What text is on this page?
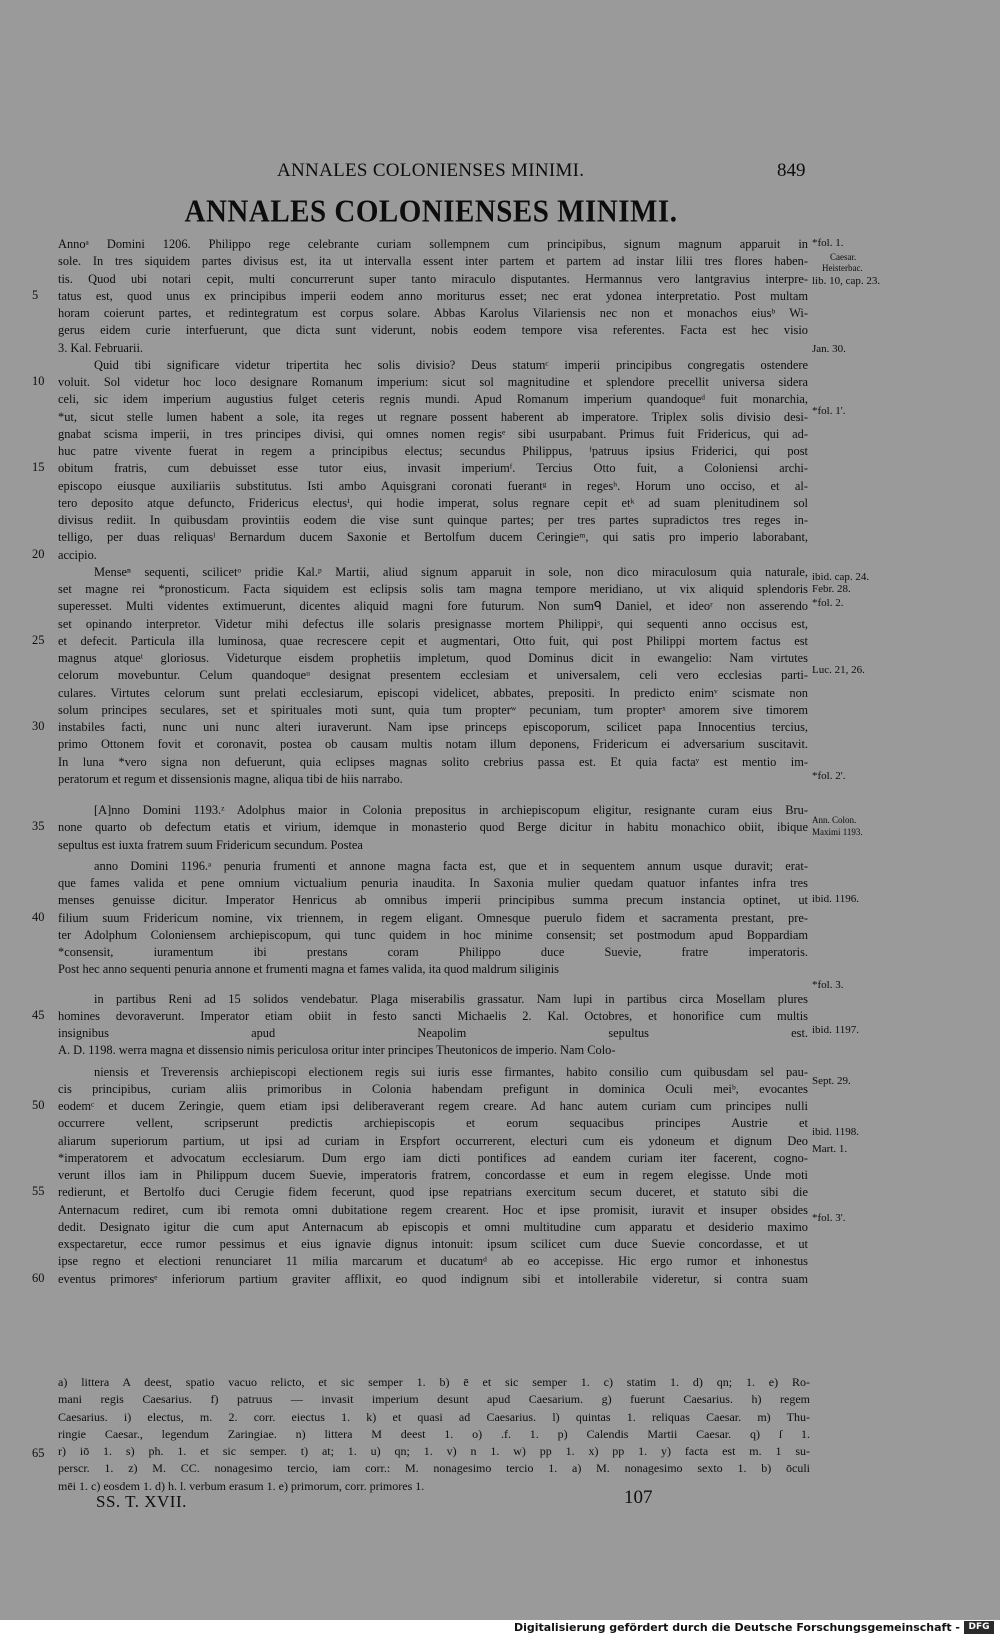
ANNALES COLONIENSES MINIMI.	849
ANNALES COLONIENSES MINIMI.
Annoᵃ Domini 1206. Philippo rege celebrante curiam sollempnem cum principibus, signum magnum apparuit in
sole. In tres siquidem partes divisus est, ita ut intervalla essent inter partem et partem ad instar lilii tres flores haben-
tis. Quod ubi notari cepit, multi concurrerunt super tanto miraculo disputantes. Hermannus vero lantgravius interpre-
tatus est, quod unus ex principibus imperii eodem anno moriturus esset; nec erat ydonea interpretatio. Post multam
horam coierunt partes, et redintegratum est corpus solare. Abbas Karolus Vilariensis nec non et monachos eiusᵇ Wi-
gerus eidem curie interfuerunt, que dicta sunt viderunt, nobis eodem tempore visa referentes. Facta est hec visio
3. Kal. Februarii.
Quid tibi significare videtur tripertita hec solis divisio? Deus statumᶜ imperii principibus congregatis ostendere
voluit. Sol videtur hoc loco designare Romanum imperium: sicut sol magnitudine et splendore precellit universa sidera
celi, sic idem imperium augustius fulget ceteris regnis mundi. Apud Romanum imperium quandoqueᵈ fuit monarchia,
*ut, sicut stelle lumen habent a sole, ita reges ut regnare possent haberent ab imperatore. Triplex solis divisio desi-
gnabat scisma imperii, in tres principes divisi, qui omnes nomen regisᵉ sibi usurpabant. Primus fuit Fridericus, qui ad-
huc patre vivente fuerat in regem a principibus electus; secundus Philippus, ᶠpatruus ipsius Friderici, qui post
obitum fratris, cum debuisset esse tutor eius, invasit imperiumᶠ. Tercius Otto fuit, a Coloniensi archi-
episcopo eiusque auxiliariis substitutus. Isti ambo Aquisgrani coronati fuerantᵍ in regesʰ. Horum uno occiso, et al-
tero deposito atque defuncto, Fridericus electusⁱ, qui hodie imperat, solus regnare cepit etᵏ ad suam plenitudinem sol
divisus rediit. In quibusdam provintiis eodem die vise sunt quinque partes; per tres partes supradictos tres reges in-
telligo, per duas reliquasˡ Bernardum ducem Saxonie et Bertolfum ducem Ceringieᵐ, qui satis pro imperio laborabant,
accipio.
Menseⁿ sequenti, scilicetᵒ pridie Kal.ᵖ Martii, aliud signum apparuit in sole, non dico miraculosum quia naturale,
set magne rei *pronosticum. Facta siquidem est eclipsis solis tam magna tempore meridiano, ut vix aliquid splendoris
superesset. Multi videntes extimuerunt, dicentes aliquid magni fore futurum. Non sumᑫ Daniel, et ideoʳ non asserendo
set opinando interpretor. Videtur mihi defectus ille solaris presignasse mortem Philippiˢ, qui sequenti anno occisus est,
et defecit. Particula illa luminosa, quae recrescere cepit et augmentari, Otto fuit, qui post Philippi mortem factus est
magnus atqueᵗ gloriosus. Videturque eisdem prophetiis impletum, quod Dominus dicit in ewangelio: Nam virtutes
celorum movebuntur. Celum quandoqueᵘ designat presentem ecclesiam et universalem, celi vero ecclesias parti-
culares. Virtutes celorum sunt prelati ecclesiarum, episcopi videlicet, abbates, prepositi. In predicto enimᵛ scismate non
solum principes seculares, set et spirituales moti sunt, quia tum propterʷ pecuniam, tum propterˣ amorem sive timorem
instabiles facti, nunc uni nunc alteri iuraverunt. Nam ipse princeps episcoporum, scilicet papa Innocentius tercius,
primo Ottonem fovit et coronavit, postea ob causam multis notam illum deponens, Fridericum ei adversarium suscitavit.
In luna *vero signa non defuerunt, quia eclipses magnas solito crebrius passa est. Et quia factaʸ est mentio im-
peratorum et regum et dissensionis magne, aliqua tibi de hiis narrabo.
[A]nno Domini 1193.ᶻ Adolphus maior in Colonia prepositus in archiepiscopum eligitur, resignante curam eius Bru-
none quarto ob defectum etatis et virium, idemque in monasterio quod Berge dicitur in habitu monachico obiit, ibique
sepultus est iuxta fratrem suum Fridericum secundum. Postea
anno Domini 1196.ᵃ penuria frumenti et annone magna facta est, que et in sequentem annum usque duravit; erat-
que fames valida et pene omnium victualium penuria inaudita. In Saxonia mulier quedam quatuor infantes infra tres
menses genuisse dicitur. Imperator Henricus ab omnibus imperii principibus summa precum instancia optinet, ut
filium suum Fridericum nomine, vix triennem, in regem eligant. Omnesque puerulo fidem et sacramenta prestant, pre-
ter Adolphum Coloniensem archiepiscopum, qui tunc quidem in hoc minime consensit; set postmodum apud Boppardiam
*consensit, iuramentum ibi prestans coram Philippo duce Suevie, fratre imperatoris.
Post hec anno sequenti penuria annone et frumenti magna et fames valida, ita quod maldrum siliginis
in partibus Reni ad 15 solidos vendebatur. Plaga miserabilis grassatur. Nam lupi in partibus circa Mosellam plures
homines devoraverunt. Imperator etiam obiit in festo sancti Michaelis 2. Kal. Octobres, et honorifice cum multis
insignibus apud Neapolim sepultus est.
A. D. 1198. werra magna et dissensio nimis periculosa oritur inter principes Theutonicos de imperio. Nam Colo-
niensis et Treverensis archiepiscopi electionem regis sui iuris esse firmantes, habito consilio cum quibusdam sel pau-
cis principibus, curiam aliis primoribus in Colonia habendam prefigunt in dominica Oculi meiᵇ, evocantes
eodemᶜ et ducem Zeringie, quem etiam ipsi deliberaverant regem creare. Ad hanc autem curiam cum principes nulli
occurrere vellent, scripserunt predictis archiepiscopis et eorum sequacibus principes Austrie et
aliarum superiorum partium, ut ipsi ad curiam in Erspfort occurrerent, electuri cum eis ydoneum et dignum Deo
*imperatorem et advocatum ecclesiarum. Dum ergo iam dicti pontifices ad eandem curiam iter facerent, cogno-
verunt illos iam in Philippum ducem Suevie, imperatoris fratrem, concordasse et eum in regem elegisse. Unde moti
redierunt, et Bertolfo duci Cerugie fidem fecerunt, quod ipse repatrians exercitum secum duceret, et statuto sibi die
Anternacum rediret, cum ibi remota omni dubitatione regem crearent. Hoc et ipse promisit, iuravit et insuper obsides
dedit. Designato igitur die cum aput Anternacum ab episcopis et omni multitudine cum apparatu et desiderio maximo
exspectaretur, ecce rumor pessimus et eius ignavie dignus intonuit: ipsum scilicet cum duce Suevie concordasse, et ut
ipse regno et electioni renunciaret 11 milia marcarum et ducatumᵈ ab eo accepisse. Hic ergo rumor et inhonestus
eventus primoresᵉ inferiorum partium graviter afflixit, eo quod indignum sibi et intollerabile videretur, si contra suam
5
10
15
20
25
30
35
40
45
50
55
60
65
*fol. 1.
Caesar.
Heisterbac.
lib. 10, cap. 23.
Jan. 30.
*fol. 1'.
ibid. cap. 24.
Febr. 28.
*fol. 2.
Luc. 21, 26.
*fol. 2'.
Ann. Colon.
Maximi 1193.
ibid. 1196.
*fol. 3.
ibid. 1197.
Sept. 29.
ibid. 1198.
Mart. 1.
*fol. 3'.
a) littera A deest, spatio vacuo relicto, et sic semper 1. b) ē et sic semper 1. c) statim 1. d) qn; 1. e) Ro-
mani regis Caesarius. f) patruus — invasit imperium desunt apud Caesarium. g) fuerunt Caesarius. h) regem
Caesarius. i) electus, m. 2. corr. eiectus 1. k) et quasi ad Caesarius. l) quintas 1. reliquas Caesar. m) Thu-
ringie Caesar., legendum Zaringiae. n) littera M deest 1. o) .f. 1. p) Calendis Martii Caesar. q) ſ 1.
r) iō 1. s) ph. 1. et sic semper. t) at; 1. u) qn; 1. v) n 1. w) pp 1. x) pp 1. y) facta est m. 1 su-
perscr. 1. z) M. CC. nonagesimo tercio, iam corr.: M. nonagesimo tercio 1. a) M. nonagesimo sexto 1. b) ōculi
mēi 1. c) eosdem 1. d) h. l. verbum erasum 1. e) primorum, corr. primores 1.
SS. T. XVII.	107
Digitalisierung gefördert durch die Deutsche Forschungsgemeinschaft - DFG
